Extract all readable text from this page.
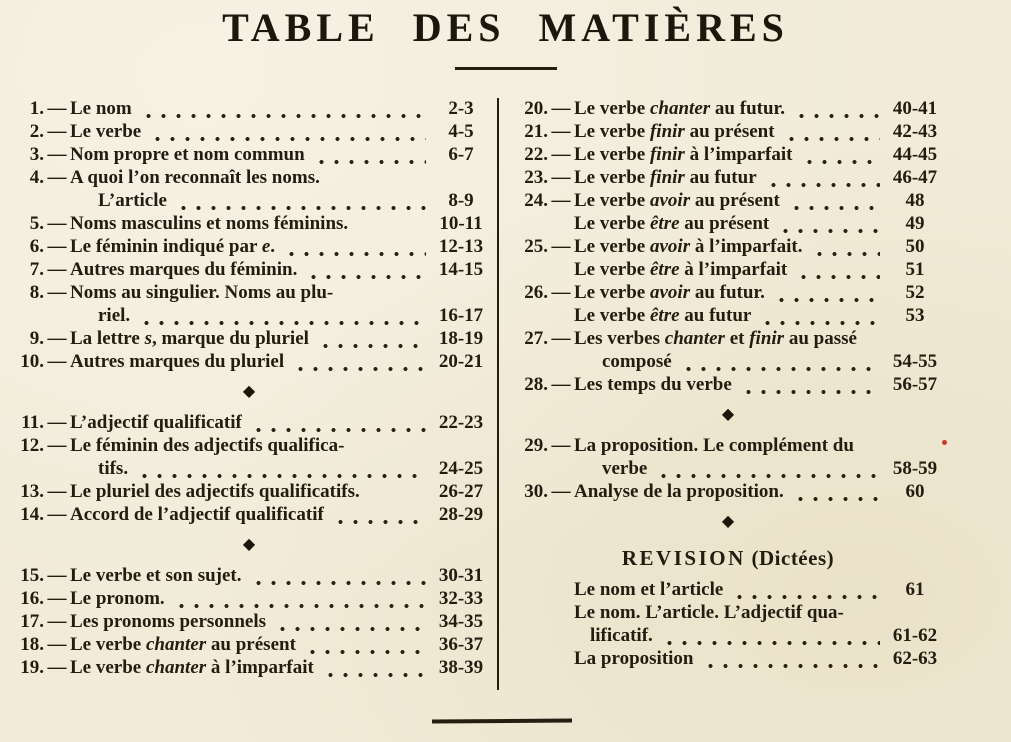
TABLE DES MATIÈRES
1. — Le nom	2-3
2. — Le verbe	4-5
3. — Nom propre et nom commun	6-7
4. — A quoi l’on reconnaît les noms.
L’article	8-9
5. — Noms masculins et noms féminins.	10-11
6. — Le féminin indiqué par e.	12-13
7. — Autres marques du féminin.	14-15
8. — Noms au singulier. Noms au plu-
riel.	16-17
9. — La lettre s, marque du pluriel	18-19
10. — Autres marques du pluriel	20-21
◆
11. — L’adjectif qualificatif	22-23
12. — Le féminin des adjectifs qualifica-
tifs.	24-25
13. — Le pluriel des adjectifs qualificatifs.	26-27
14. — Accord de l’adjectif qualificatif	28-29
◆
15. — Le verbe et son sujet.	30-31
16. — Le pronom.	32-33
17. — Les pronoms personnels	34-35
18. — Le verbe chanter au présent	36-37
19. — Le verbe chanter à l’imparfait	38-39
20. — Le verbe chanter au futur.	40-41
21. — Le verbe finir au présent	42-43
22. — Le verbe finir à l’imparfait	44-45
23. — Le verbe finir au futur	46-47
24. — Le verbe avoir au présent	48
Le verbe être au présent	49
25. — Le verbe avoir à l’imparfait.	50
Le verbe être à l’imparfait	51
26. — Le verbe avoir au futur.	52
Le verbe être au futur	53
27. — Les verbes chanter et finir au passé
composé	54-55
28. — Les temps du verbe	56-57
◆
29. — La proposition. Le complément du
verbe	58-59
30. — Analyse de la proposition.	60
◆
REVISION (Dictées)
Le nom et l’article	61
Le nom. L’article. L’adjectif qua-
lificatif.	61-62
La proposition	62-63
